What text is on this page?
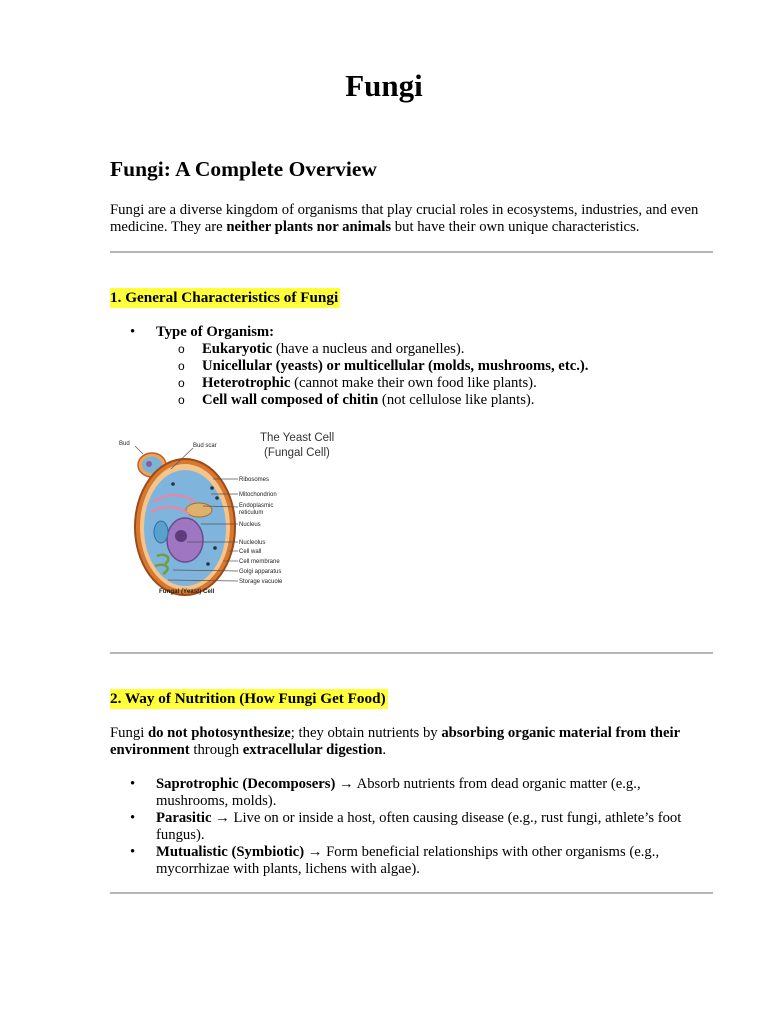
Fungi
Fungi: A Complete Overview

Fungi are a diverse kingdom of organisms that play crucial roles in ecosystems, industries, and even medicine. They are neither plants nor animals but have their own unique characteristics.

1. General Characteristics of Fungi
• Type of Organism:
o Eukaryotic (have a nucleus and organelles).
o Unicellular (yeasts) or multicellular (molds, mushrooms, etc.).
o Heterotrophic (cannot make their own food like plants).
o Cell wall composed of chitin (not cellulose like plants).
2. Way of Nutrition (How Fungi Get Food)

Fungi do not photosynthesize; they obtain nutrients by absorbing organic material from their environment through extracellular digestion.

• Saprotrophic (Decomposers) → Absorb nutrients from dead organic matter (e.g., mushrooms, molds).
• Parasitic → Live on or inside a host, often causing disease (e.g., rust fungi, athlete’s foot fungus).
• Mutualistic (Symbiotic) → Form beneficial relationships with other organisms (e.g., mycorrhizae with plants, lichens with algae).
The Yeast Cell
(Fungal Cell)
Bud	Bud scar
Ribosomes
Mitochondrion
Endoplasmic
reticulum
Nucleus
Nucleolus
Cell wall
Cell membrane
Golgi apparatus
Storage vacuole
Fungal (Yeast) Cell
